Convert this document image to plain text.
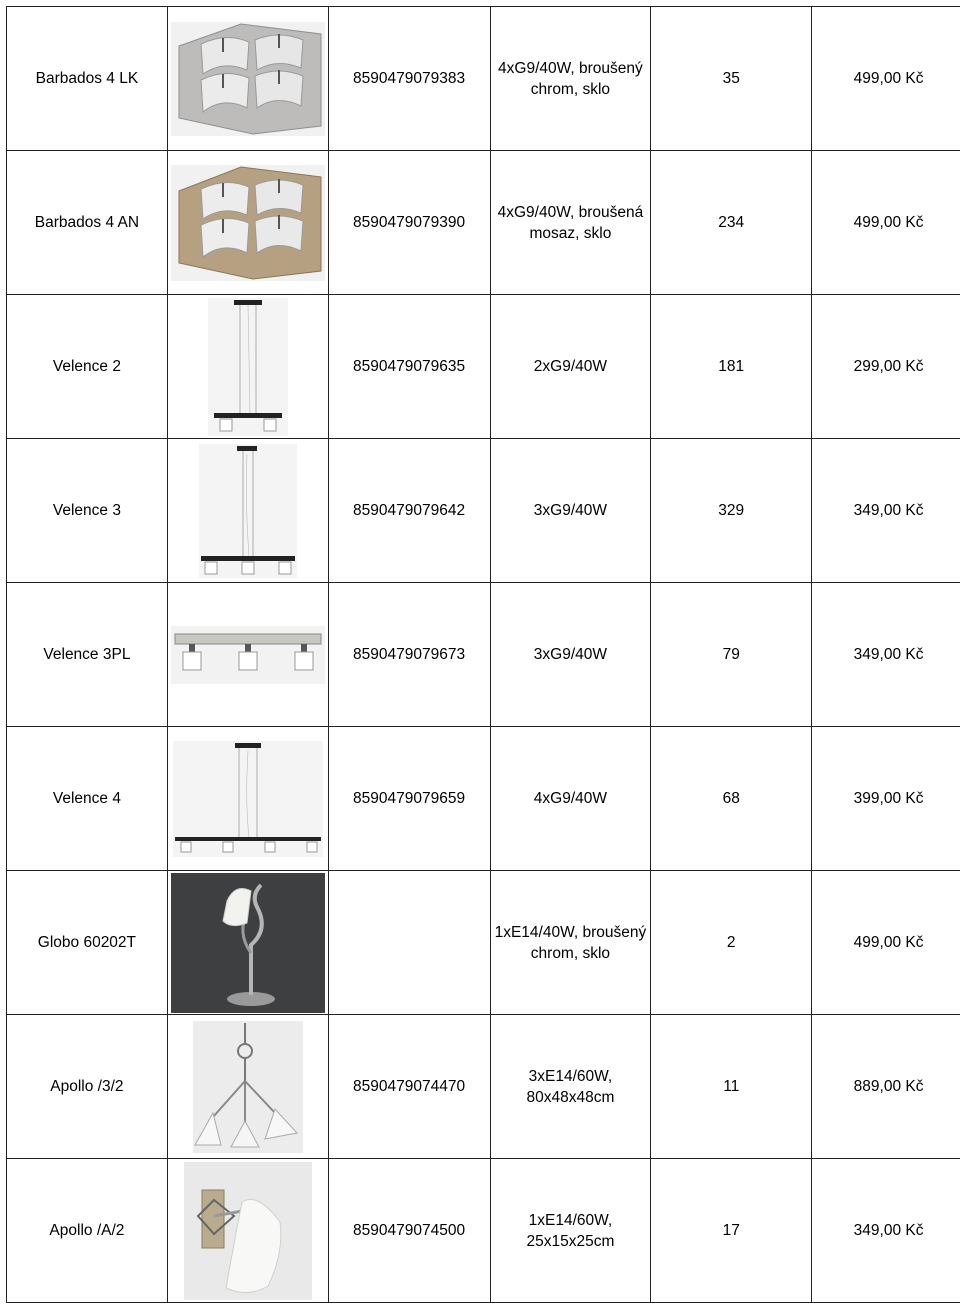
Barbados 4 LK		8590479079383	4xG9/40W, broušený chrom, sklo	35	499,00 Kč
Barbados 4 AN		8590479079390	4xG9/40W, broušená mosaz, sklo	234	499,00 Kč
Velence 2		8590479079635	2xG9/40W	181	299,00 Kč
Velence 3		8590479079642	3xG9/40W	329	349,00 Kč
Velence 3PL		8590479079673	3xG9/40W	79	349,00 Kč
Velence 4		8590479079659	4xG9/40W	68	399,00 Kč
Globo 60202T			1xE14/40W, broušený chrom, sklo	2	499,00 Kč
Apollo /3/2		8590479074470	3xE14/60W, 80x48x48cm	11	889,00 Kč
Apollo /A/2		8590479074500	1xE14/60W, 25x15x25cm	17	349,00 Kč
